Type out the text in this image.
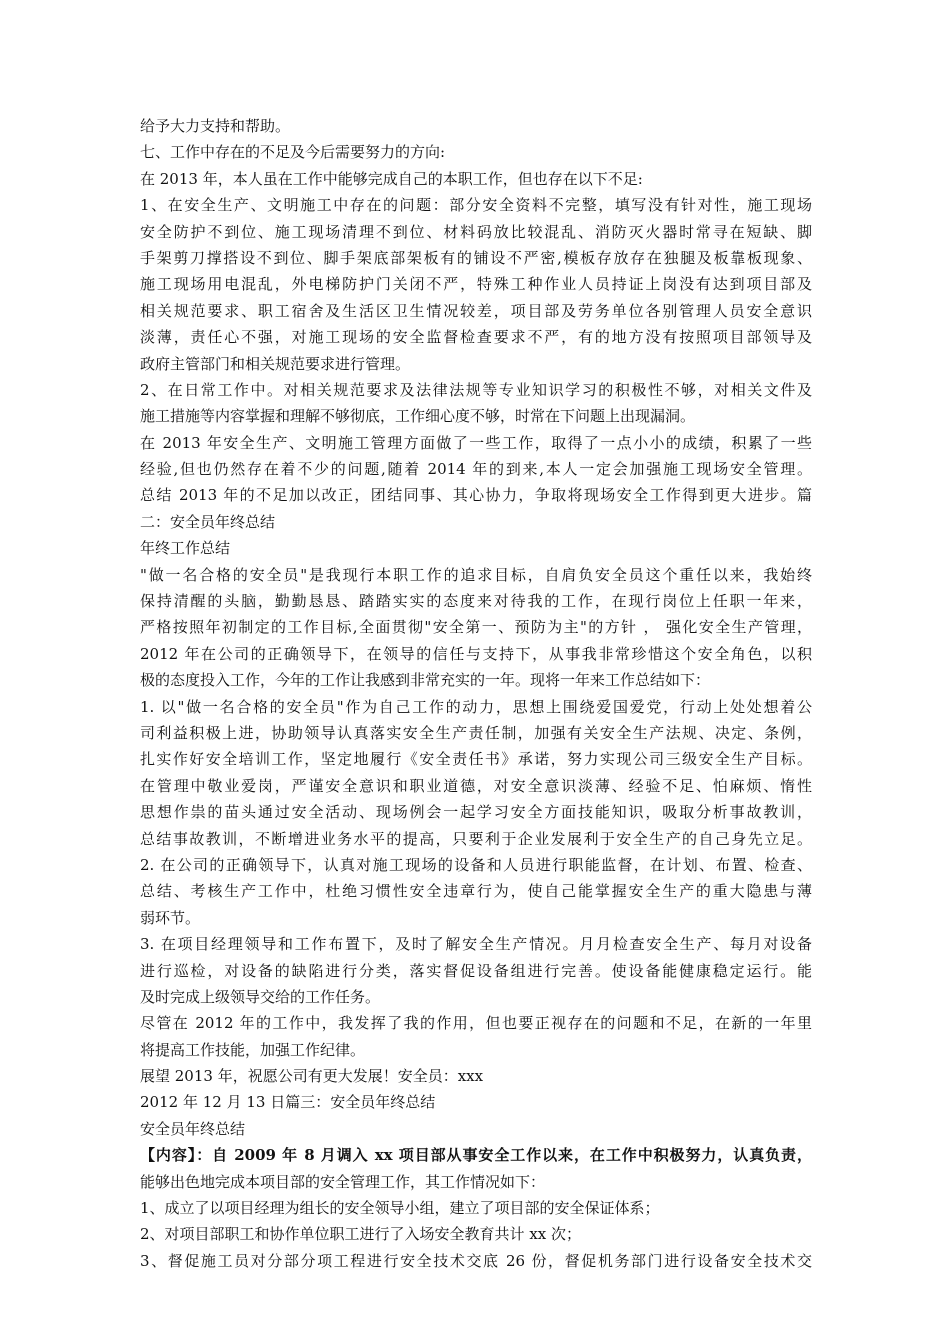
给予大力支持和帮助。
七、工作中存在的不足及今后需要努力的方向:
在 2013 年，本人虽在工作中能够完成自己的本职工作，但也存在以下不足:
1、在安全生产、文明施工中存在的问题：部分安全资料不完整，填写没有针对性，施工现场
安全防护不到位、施工现场清理不到位、材料码放比较混乱、消防灭火器时常寻在短缺、脚
手架剪刀撑搭设不到位、脚手架底部架板有的铺设不严密,模板存放存在独腿及板靠板现象、
施工现场用电混乱，外电梯防护门关闭不严，特殊工种作业人员持证上岗没有达到项目部及
相关规范要求、职工宿舍及生活区卫生情况较差，项目部及劳务单位各别管理人员安全意识
淡薄，责任心不强，对施工现场的安全监督检查要求不严，有的地方没有按照项目部领导及
政府主管部门和相关规范要求进行管理。
2、在日常工作中。对相关规范要求及法律法规等专业知识学习的积极性不够，对相关文件及
施工措施等内容掌握和理解不够彻底，工作细心度不够，时常在下问题上出现漏洞。
在 2013 年安全生产、文明施工管理方面做了一些工作，取得了一点小小的成绩，积累了一些
经验,但也仍然存在着不少的问题,随着 2014 年的到来,本人一定会加强施工现场安全管理。
总结 2013 年的不足加以改正，团结同事、其心协力，争取将现场安全工作得到更大进步。篇
二：安全员年终总结
年终工作总结
"做一名合格的安全员"是我现行本职工作的追求目标，自肩负安全员这个重任以来，我始终
保持清醒的头脑，勤勤恳恳、踏踏实实的态度来对待我的工作，在现行岗位上任职一年来，
严格按照年初制定的工作目标,全面贯彻"安全第一、预防为主"的方针 ， 强化安全生产管理，
2012 年在公司的正确领导下，在领导的信任与支持下，从事我非常珍惜这个安全角色，以积
极的态度投入工作，今年的工作让我感到非常充实的一年。现将一年来工作总结如下：
1. 以"做一名合格的安全员"作为自己工作的动力，思想上围绕爱国爱党，行动上处处想着公
司利益积极上进，协助领导认真落实安全生产责任制，加强有关安全生产法规、决定、条例，
扎实作好安全培训工作，坚定地履行《安全责任书》承诺，努力实现公司三级安全生产目标。
在管理中敬业爱岗，严谨安全意识和职业道德，对安全意识淡薄、经验不足、怕麻烦、惰性
思想作祟的苗头通过安全活动、现场例会一起学习安全方面技能知识，吸取分析事故教训，
总结事故教训，不断增进业务水平的提高，只要利于企业发展利于安全生产的自己身先立足。
2. 在公司的正确领导下，认真对施工现场的设备和人员进行职能监督，在计划、布置、检查、
总结、考核生产工作中，杜绝习惯性安全违章行为，使自己能掌握安全生产的重大隐患与薄
弱环节。
3. 在项目经理领导和工作布置下，及时了解安全生产情况。月月检查安全生产、每月对设备
进行巡检，对设备的缺陷进行分类，落实督促设备组进行完善。使设备能健康稳定运行。能
及时完成上级领导交给的工作任务。
尽管在 2012 年的工作中，我发挥了我的作用，但也要正视存在的问题和不足，在新的一年里
将提高工作技能，加强工作纪律。
展望 2013 年，祝愿公司有更大发展！安全员：xxx
2012 年 12 月 13 日篇三：安全员年终总结
安全员年终总结
【内容】：自 2009 年 8 月调入 xx 项目部从事安全工作以来，在工作中积极努力，认真负责，
能够出色地完成本项目部的安全管理工作，其工作情况如下：
1、成立了以项目经理为组长的安全领导小组，建立了项目部的安全保证体系；
2、对项目部职工和协作单位职工进行了入场安全教育共计 xx 次；
3、督促施工员对分部分项工程进行安全技术交底 26 份，督促机务部门进行设备安全技术交
